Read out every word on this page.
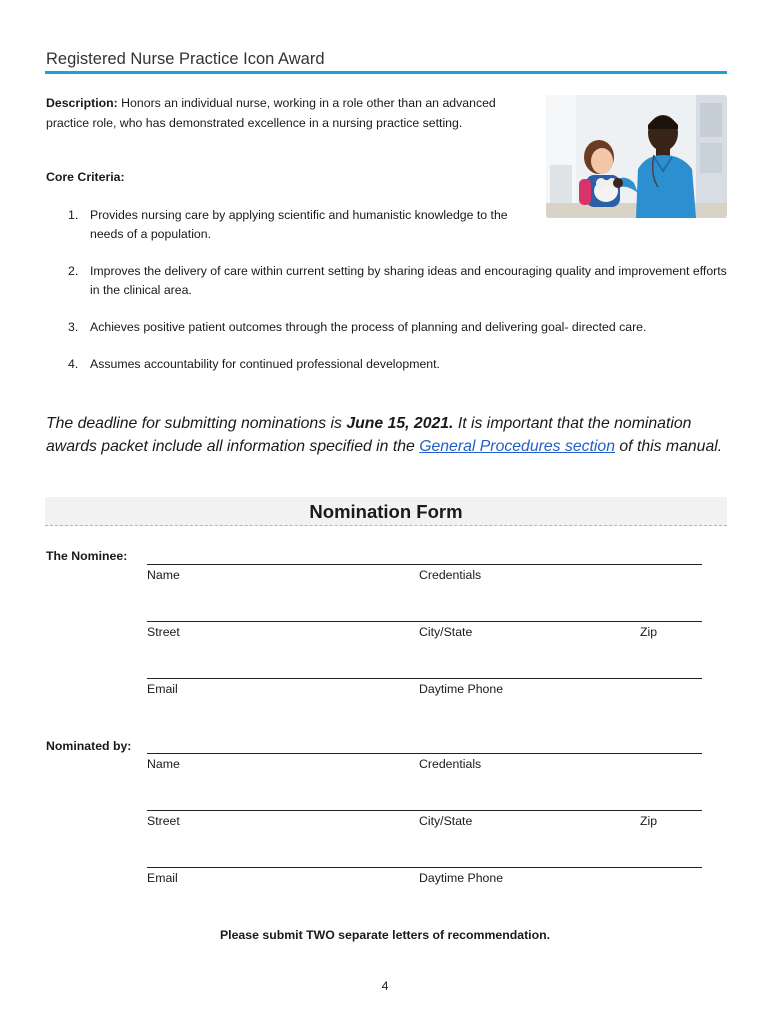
Registered Nurse Practice Icon Award
Description: Honors an individual nurse, working in a role other than an advanced practice role, who has demonstrated excellence in a nursing practice setting.
Core Criteria:
1. Provides nursing care by applying scientific and humanistic knowledge to the needs of a population.
2. Improves the delivery of care within current setting by sharing ideas and encouraging quality and improvement efforts in the clinical area.
3. Achieves positive patient outcomes through the process of planning and delivering goal- directed care.
4. Assumes accountability for continued professional development.
The deadline for submitting nominations is June 15, 2021. It is important that the nomination awards packet include all information specified in the General Procedures section of this manual.
Nomination Form
The Nominee:
Name	Credentials
Street	City/State	Zip
Email	Daytime Phone
Nominated by:
Name	Credentials
Street	City/State	Zip
Email	Daytime Phone
Please submit TWO separate letters of recommendation.
4
